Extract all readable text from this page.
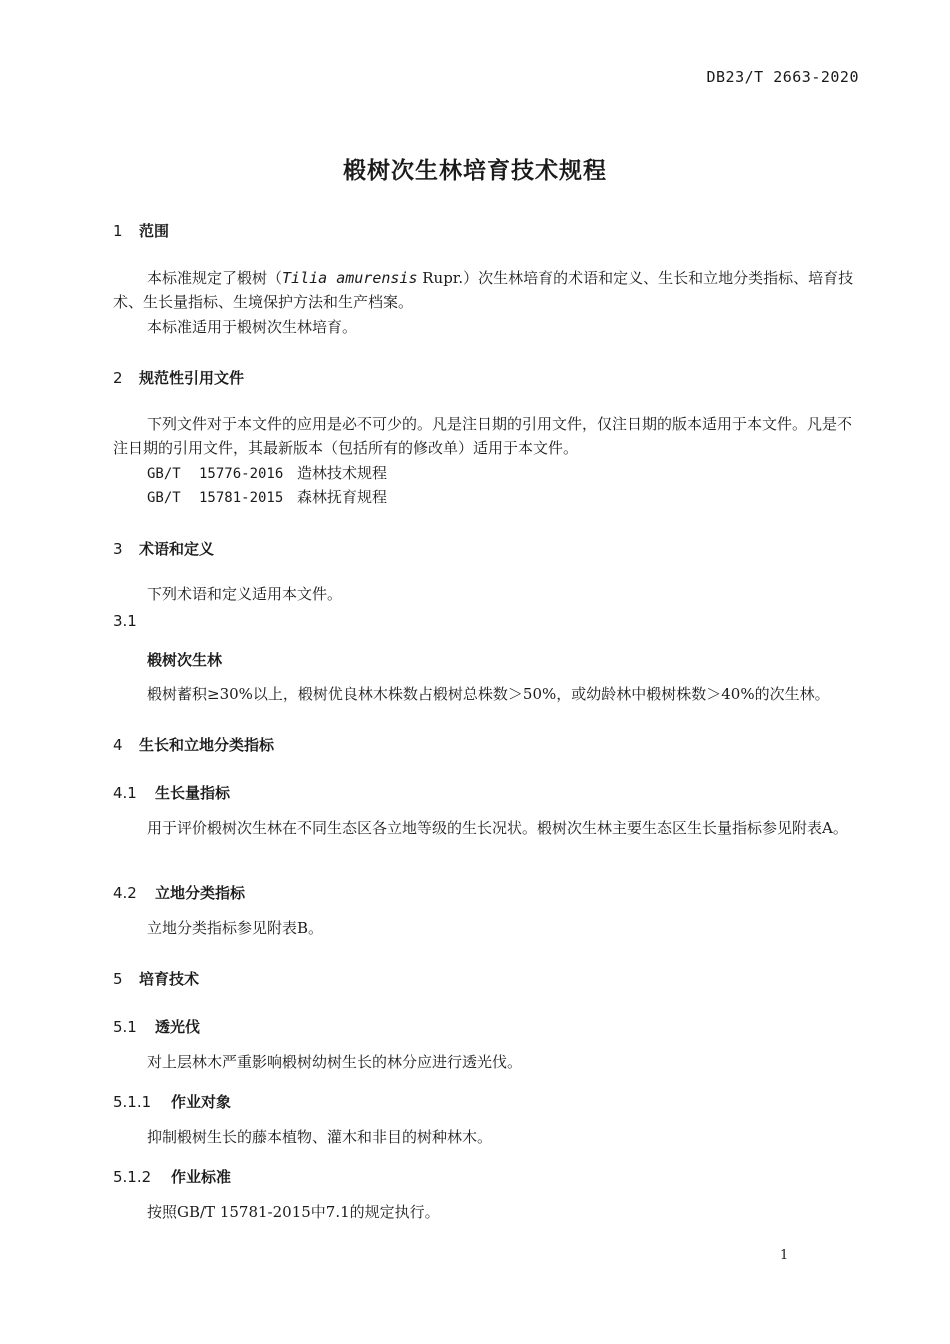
DB23/T 2663-2020
椴树次生林培育技术规程
1 范围
本标准规定了椴树（Tilia amurensis Rupr.）次生林培育的术语和定义、生长和立地分类指标、培育技术、生长量指标、生境保护方法和生产档案。
本标准适用于椴树次生林培育。
2 规范性引用文件
下列文件对于本文件的应用是必不可少的。凡是注日期的引用文件，仅注日期的版本适用于本文件。凡是不注日期的引用文件，其最新版本（包括所有的修改单）适用于本文件。
GB/T 15776-2016 造林技术规程
GB/T 15781-2015 森林抚育规程
3 术语和定义
下列术语和定义适用本文件。
3.1
椴树次生林
椴树蓄积≥30%以上，椴树优良林木株数占椴树总株数＞50%，或幼龄林中椴树株数＞40%的次生林。
4 生长和立地分类指标
4.1 生长量指标
用于评价椴树次生林在不同生态区各立地等级的生长况状。椴树次生林主要生态区生长量指标参见附表A。
4.2 立地分类指标
立地分类指标参见附表B。
5 培育技术
5.1 透光伐
对上层林木严重影响椴树幼树生长的林分应进行透光伐。
5.1.1 作业对象
抑制椴树生长的藤本植物、灌木和非目的树种林木。
5.1.2 作业标准
按照GB/T 15781-2015中7.1的规定执行。
1
